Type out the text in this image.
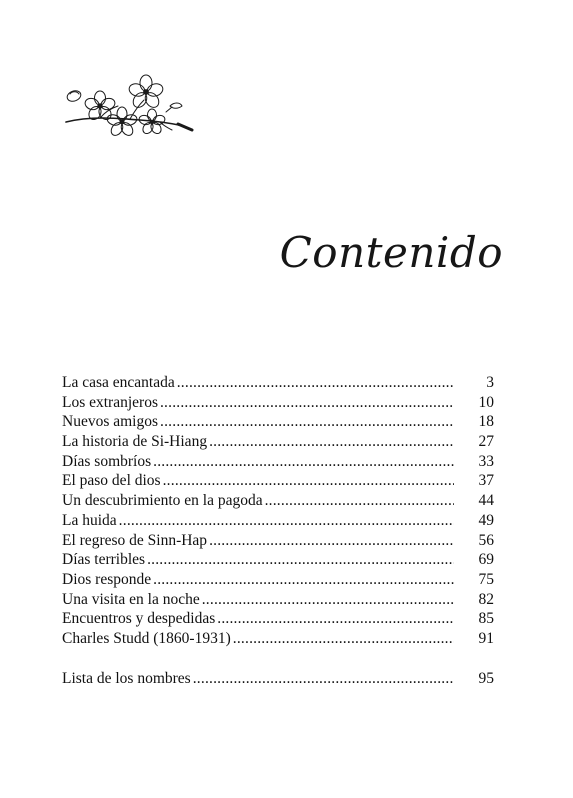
Contenido
La casa encantada .....	3
Los extranjeros .....	10
Nuevos amigos .....	18
La historia de Si-Hiang .....	27
Días sombríos .....	33
El paso del dios .....	37
Un descubrimiento en la pagoda .....	44
La huida .....	49
El regreso de Sinn-Hap .....	56
Días terribles .....	69
Dios responde .....	75
Una visita en la noche .....	82
Encuentros y despedidas .....	85
Charles Studd (1860-1931) .....	91
Lista de los nombres .....	95
